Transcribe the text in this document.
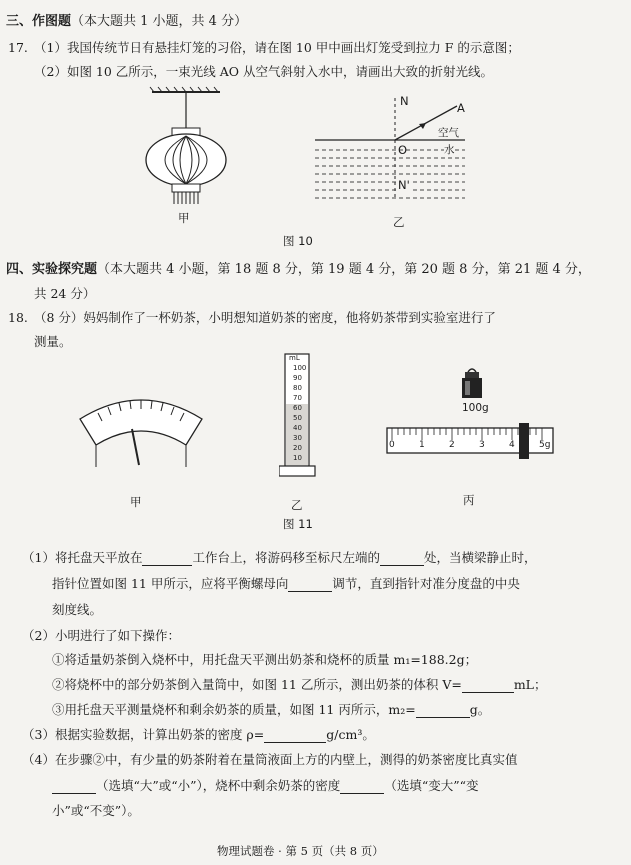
三、作图题（本大题共 1 小题，共 4 分）
17. （1）我国传统节日有悬挂灯笼的习俗，请在图 10 甲中画出灯笼受到拉力 F 的示意图；
（2）如图 10 乙所示，一束光线 AO 从空气斜射入水中，请画出大致的折射光线。
甲
N	A
空气
O	水
N'
乙
图 10
四、实验探究题（本大题共 4 小题，第 18 题 8 分，第 19 题 4 分，第 20 题 8 分，第 21 题 4 分，
共 24 分）
18. （8 分）妈妈制作了一杯奶茶，小明想知道奶茶的密度，他将奶茶带到实验室进行了
测量。
甲
100
90
80
70
60
50
40
30
20
10
mL
乙
100g
0	1	2	3	4	5g
丙
图 11
（1）将托盘天平放在	工作台上，将游码移至标尺左端的	处，当横梁静止时，
指针位置如图 11 甲所示，应将平衡螺母向	调节，直到指针对准分度盘的中央
刻度线。
（2）小明进行了如下操作：
①将适量奶茶倒入烧杯中，用托盘天平测出奶茶和烧杯的质量 m₁=188.2g；
②将烧杯中的部分奶茶倒入量筒中，如图 11 乙所示，测出奶茶的体积 V=	mL；
③用托盘天平测量烧杯和剩余奶茶的质量，如图 11 丙所示，m₂=	g。
（3）根据实验数据，计算出奶茶的密度 ρ=	g/cm³。
（4）在步骤②中，有少量的奶茶附着在量筒液面上方的内壁上，测得的奶茶密度比真实值
（选填“大”或“小”），烧杯中剩余奶茶的密度	（选填“变大”“变
小”或“不变”）。
物理试题卷 · 第 5 页（共 8 页）
